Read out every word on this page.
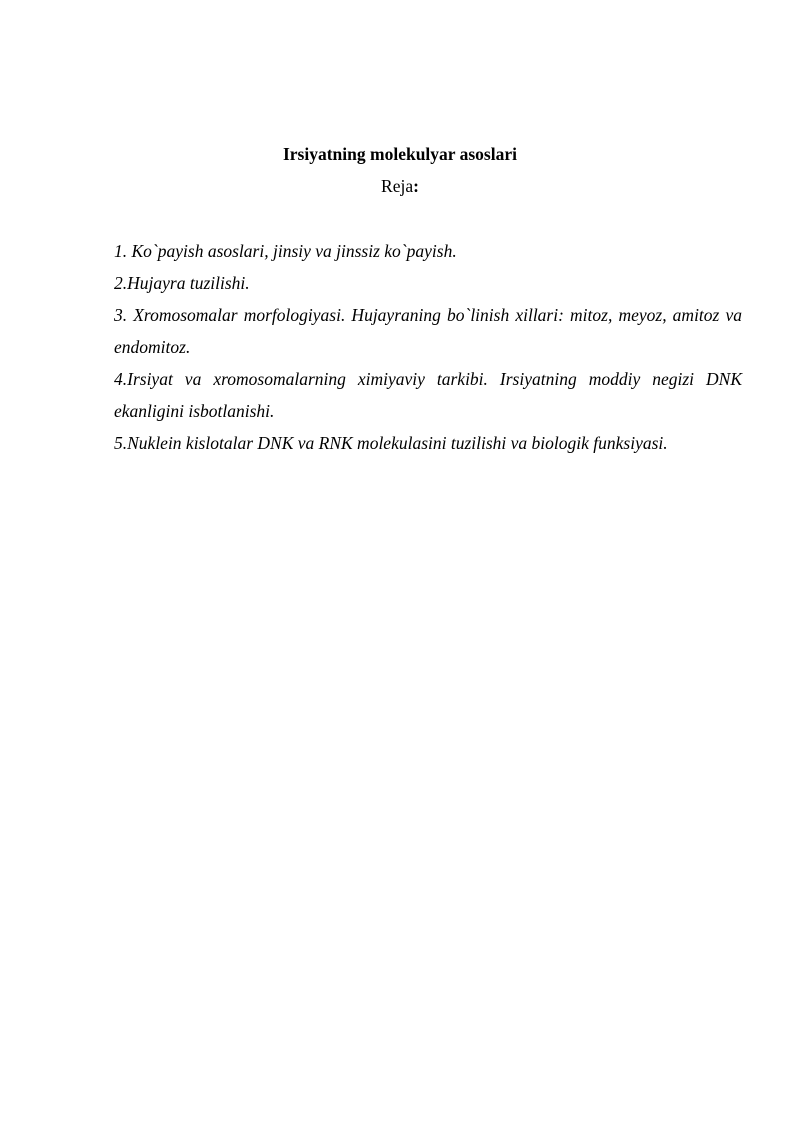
Irsiyatning molekulyar asoslari
Reja:

1. Ko`payish asoslari, jinsiy va jinssiz ko`payish.

2.Hujayra tuzilishi.

3. Xromosomalar morfologiyasi. Hujayraning bo`linish xillari: mitoz, meyoz, amitoz va endomitoz.

4.Irsiyat va xromosomalarning ximiyaviy tarkibi. Irsiyatning moddiy negizi DNK ekanligini isbotlanishi.

5.Nuklein kislotalar DNK va RNK molekulasini tuzilishi va biologik funksiyasi.
